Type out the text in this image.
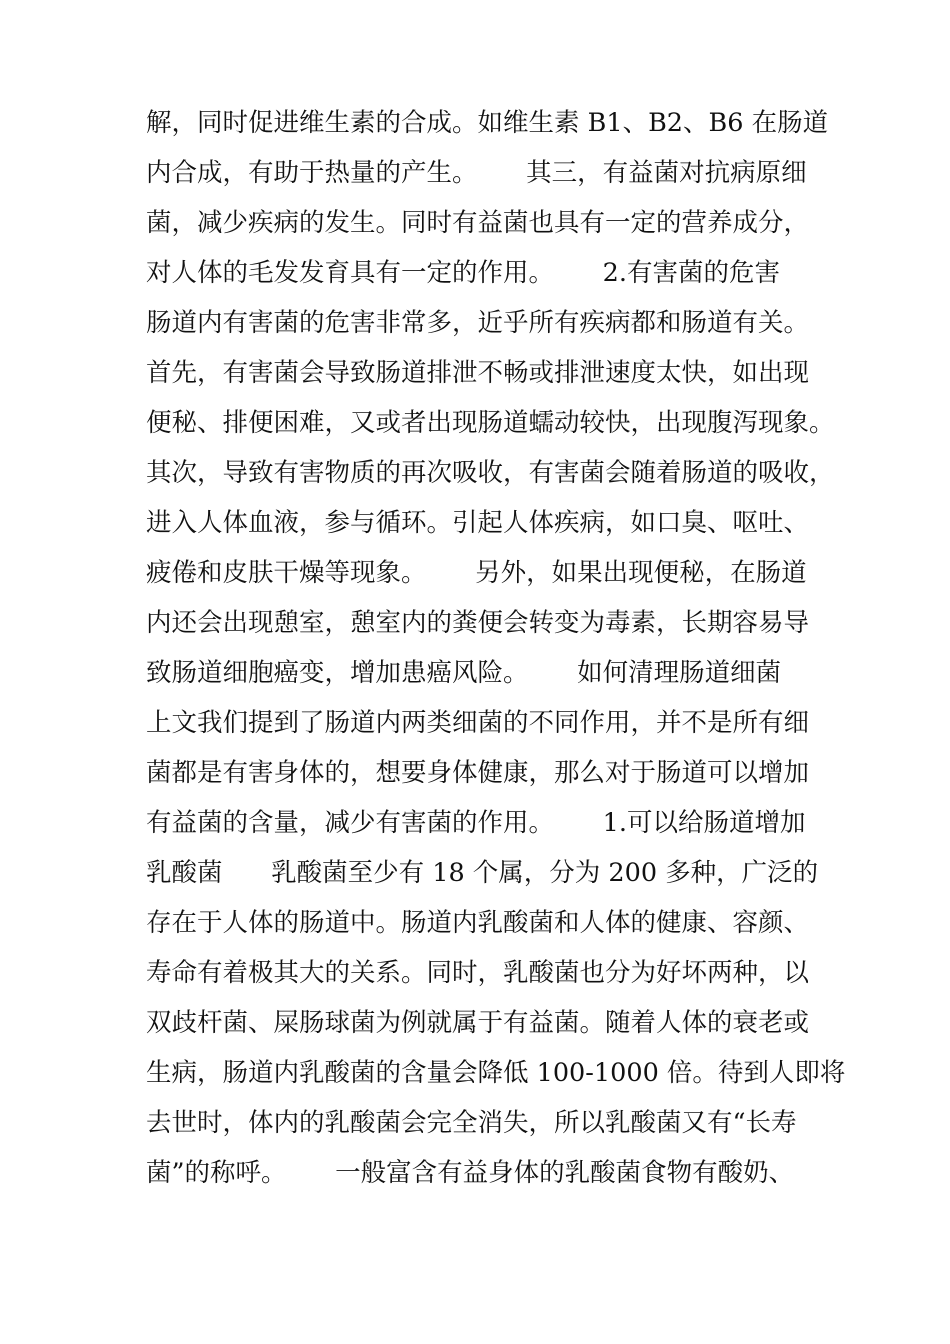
解，同时促进维生素的合成。如维生素 B1、B2、B6 在肠道
内合成，有助于热量的产生。      其三，有益菌对抗病原细
菌，减少疾病的发生。同时有益菌也具有一定的营养成分，
对人体的毛发发育具有一定的作用。      2.有害菌的危害
肠道内有害菌的危害非常多，近乎所有疾病都和肠道有关。
首先，有害菌会导致肠道排泄不畅或排泄速度太快，如出现
便秘、排便困难，又或者出现肠道蠕动较快，出现腹泻现象。
其次，导致有害物质的再次吸收，有害菌会随着肠道的吸收，
进入人体血液，参与循环。引起人体疾病，如口臭、呕吐、
疲倦和皮肤干燥等现象。      另外，如果出现便秘，在肠道
内还会出现憩室，憩室内的粪便会转变为毒素，长期容易导
致肠道细胞癌变，增加患癌风险。      如何清理肠道细菌
上文我们提到了肠道内两类细菌的不同作用，并不是所有细
菌都是有害身体的，想要身体健康，那么对于肠道可以增加
有益菌的含量，减少有害菌的作用。      1.可以给肠道增加
乳酸菌      乳酸菌至少有 18 个属，分为 200 多种，广泛的
存在于人体的肠道中。肠道内乳酸菌和人体的健康、容颜、
寿命有着极其大的关系。同时，乳酸菌也分为好坏两种，以
双歧杆菌、屎肠球菌为例就属于有益菌。随着人体的衰老或
生病，肠道内乳酸菌的含量会降低 100-1000 倍。待到人即将
去世时，体内的乳酸菌会完全消失，所以乳酸菌又有“长寿
菌”的称呼。      一般富含有益身体的乳酸菌食物有酸奶、
